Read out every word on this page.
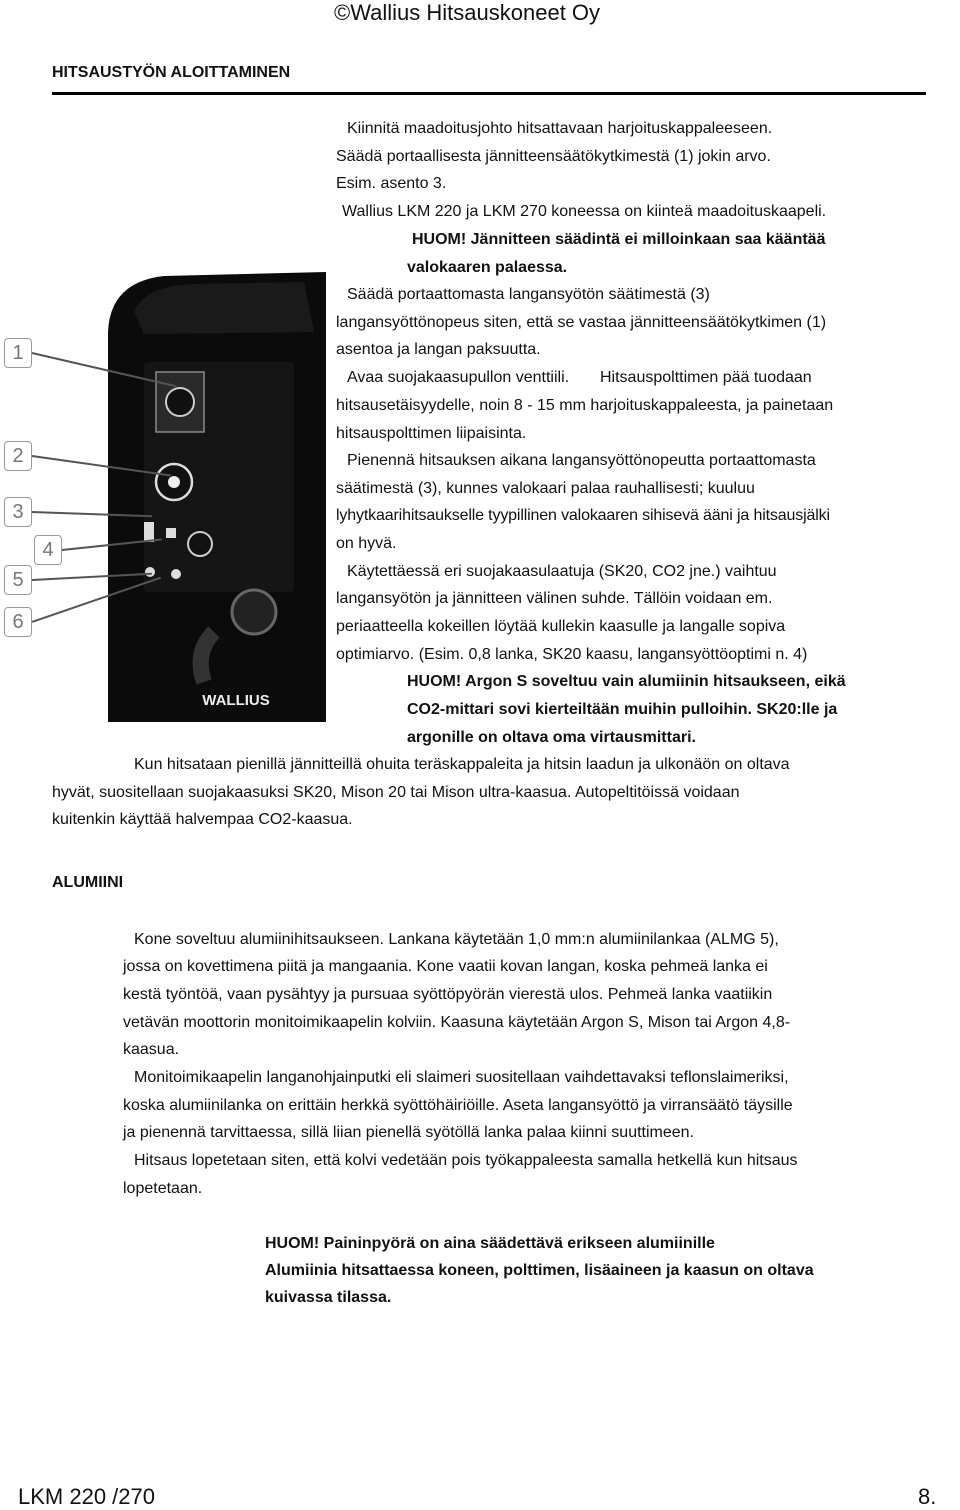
©Wallius Hitsauskoneet Oy
HITSAUSTYÖN ALOITTAMINEN
Kiinnitä maadoitusjohto hitsattavaan harjoituskappaleeseen.
Säädä portaallisesta jännitteensäätökytkimestä (1) jokin arvo.
Esim. asento 3.
Wallius LKM 220 ja LKM 270 koneessa on kiinteä maadoituskaapeli.
HUOM! Jännitteen säädintä ei milloinkaan saa kääntää
valokaaren palaessa.
Säädä portaattomasta langansyötön säätimestä (3)
langansyöttönopeus siten, että se vastaa jännitteensäätökytkimen (1)
asentoa ja langan paksuutta.
Avaa suojakaasupullon venttiili. Hitsauspolttimen pää tuodaan
hitsausetäisyydelle, noin 8 - 15 mm harjoituskappaleesta, ja painetaan
hitsauspolttimen liipaisinta.
Pienennä hitsauksen aikana langansyöttönopeutta portaattomasta
säätimestä (3), kunnes valokaari palaa rauhallisesti; kuuluu
lyhytkaarihitsaukselle tyypillinen valokaaren sihisevä ääni ja hitsausjälki
on hyvä.
Käytettäessä eri suojakaasulaatuja (SK20, CO2 jne.) vaihtuu
langansyötön ja jännitteen välinen suhde. Tällöin voidaan em.
periaatteella kokeillen löytää kullekin kaasulle ja langalle sopiva
optimiarvo. (Esim. 0,8 lanka, SK20 kaasu, langansyöttöoptimi n. 4)
HUOM! Argon S soveltuu vain alumiinin hitsaukseen, eikä
CO2-mittari sovi kierteiltään muihin pulloihin. SK20:lle ja
argonille on oltava oma virtausmittari.
Kun hitsataan pienillä jännitteillä ohuita teräskappaleita ja hitsin laadun ja ulkonäön on oltava
hyvät, suositellaan suojakaasuksi SK20, Mison 20 tai Mison ultra-kaasua. Autopeltitöissä voidaan
kuitenkin käyttää halvempaa CO2-kaasua.
WALLIUS
1
2
3
4
5
6
ALUMIINI
Kone soveltuu alumiinihitsaukseen. Lankana käytetään 1,0 mm:n alumiinilankaa (ALMG 5),
jossa on kovettimena piitä ja mangaania. Kone vaatii kovan langan, koska pehmeä lanka ei
kestä työntöä, vaan pysähtyy ja pursuaa syöttöpyörän vierestä ulos. Pehmeä lanka vaatiikin
vetävän moottorin monitoimikaapelin kolviin. Kaasuna käytetään Argon S, Mison tai Argon 4,8-
kaasua.
Monitoimikaapelin langanohjainputki eli slaimeri suositellaan vaihdettavaksi teflonslaimeriksi,
koska alumiinilanka on erittäin herkkä syöttöhäiriöille. Aseta langansyöttö ja virransäätö täysille
ja pienennä tarvittaessa, sillä liian pienellä syötöllä lanka palaa kiinni suuttimeen.
Hitsaus lopetetaan siten, että kolvi vedetään pois työkappaleesta samalla hetkellä kun hitsaus
lopetetaan.
HUOM! Paininpyörä on aina säädettävä erikseen alumiinille
Alumiinia hitsattaessa koneen, polttimen, lisäaineen ja kaasun on oltava
kuivassa tilassa.
LKM 220 /270	8.
